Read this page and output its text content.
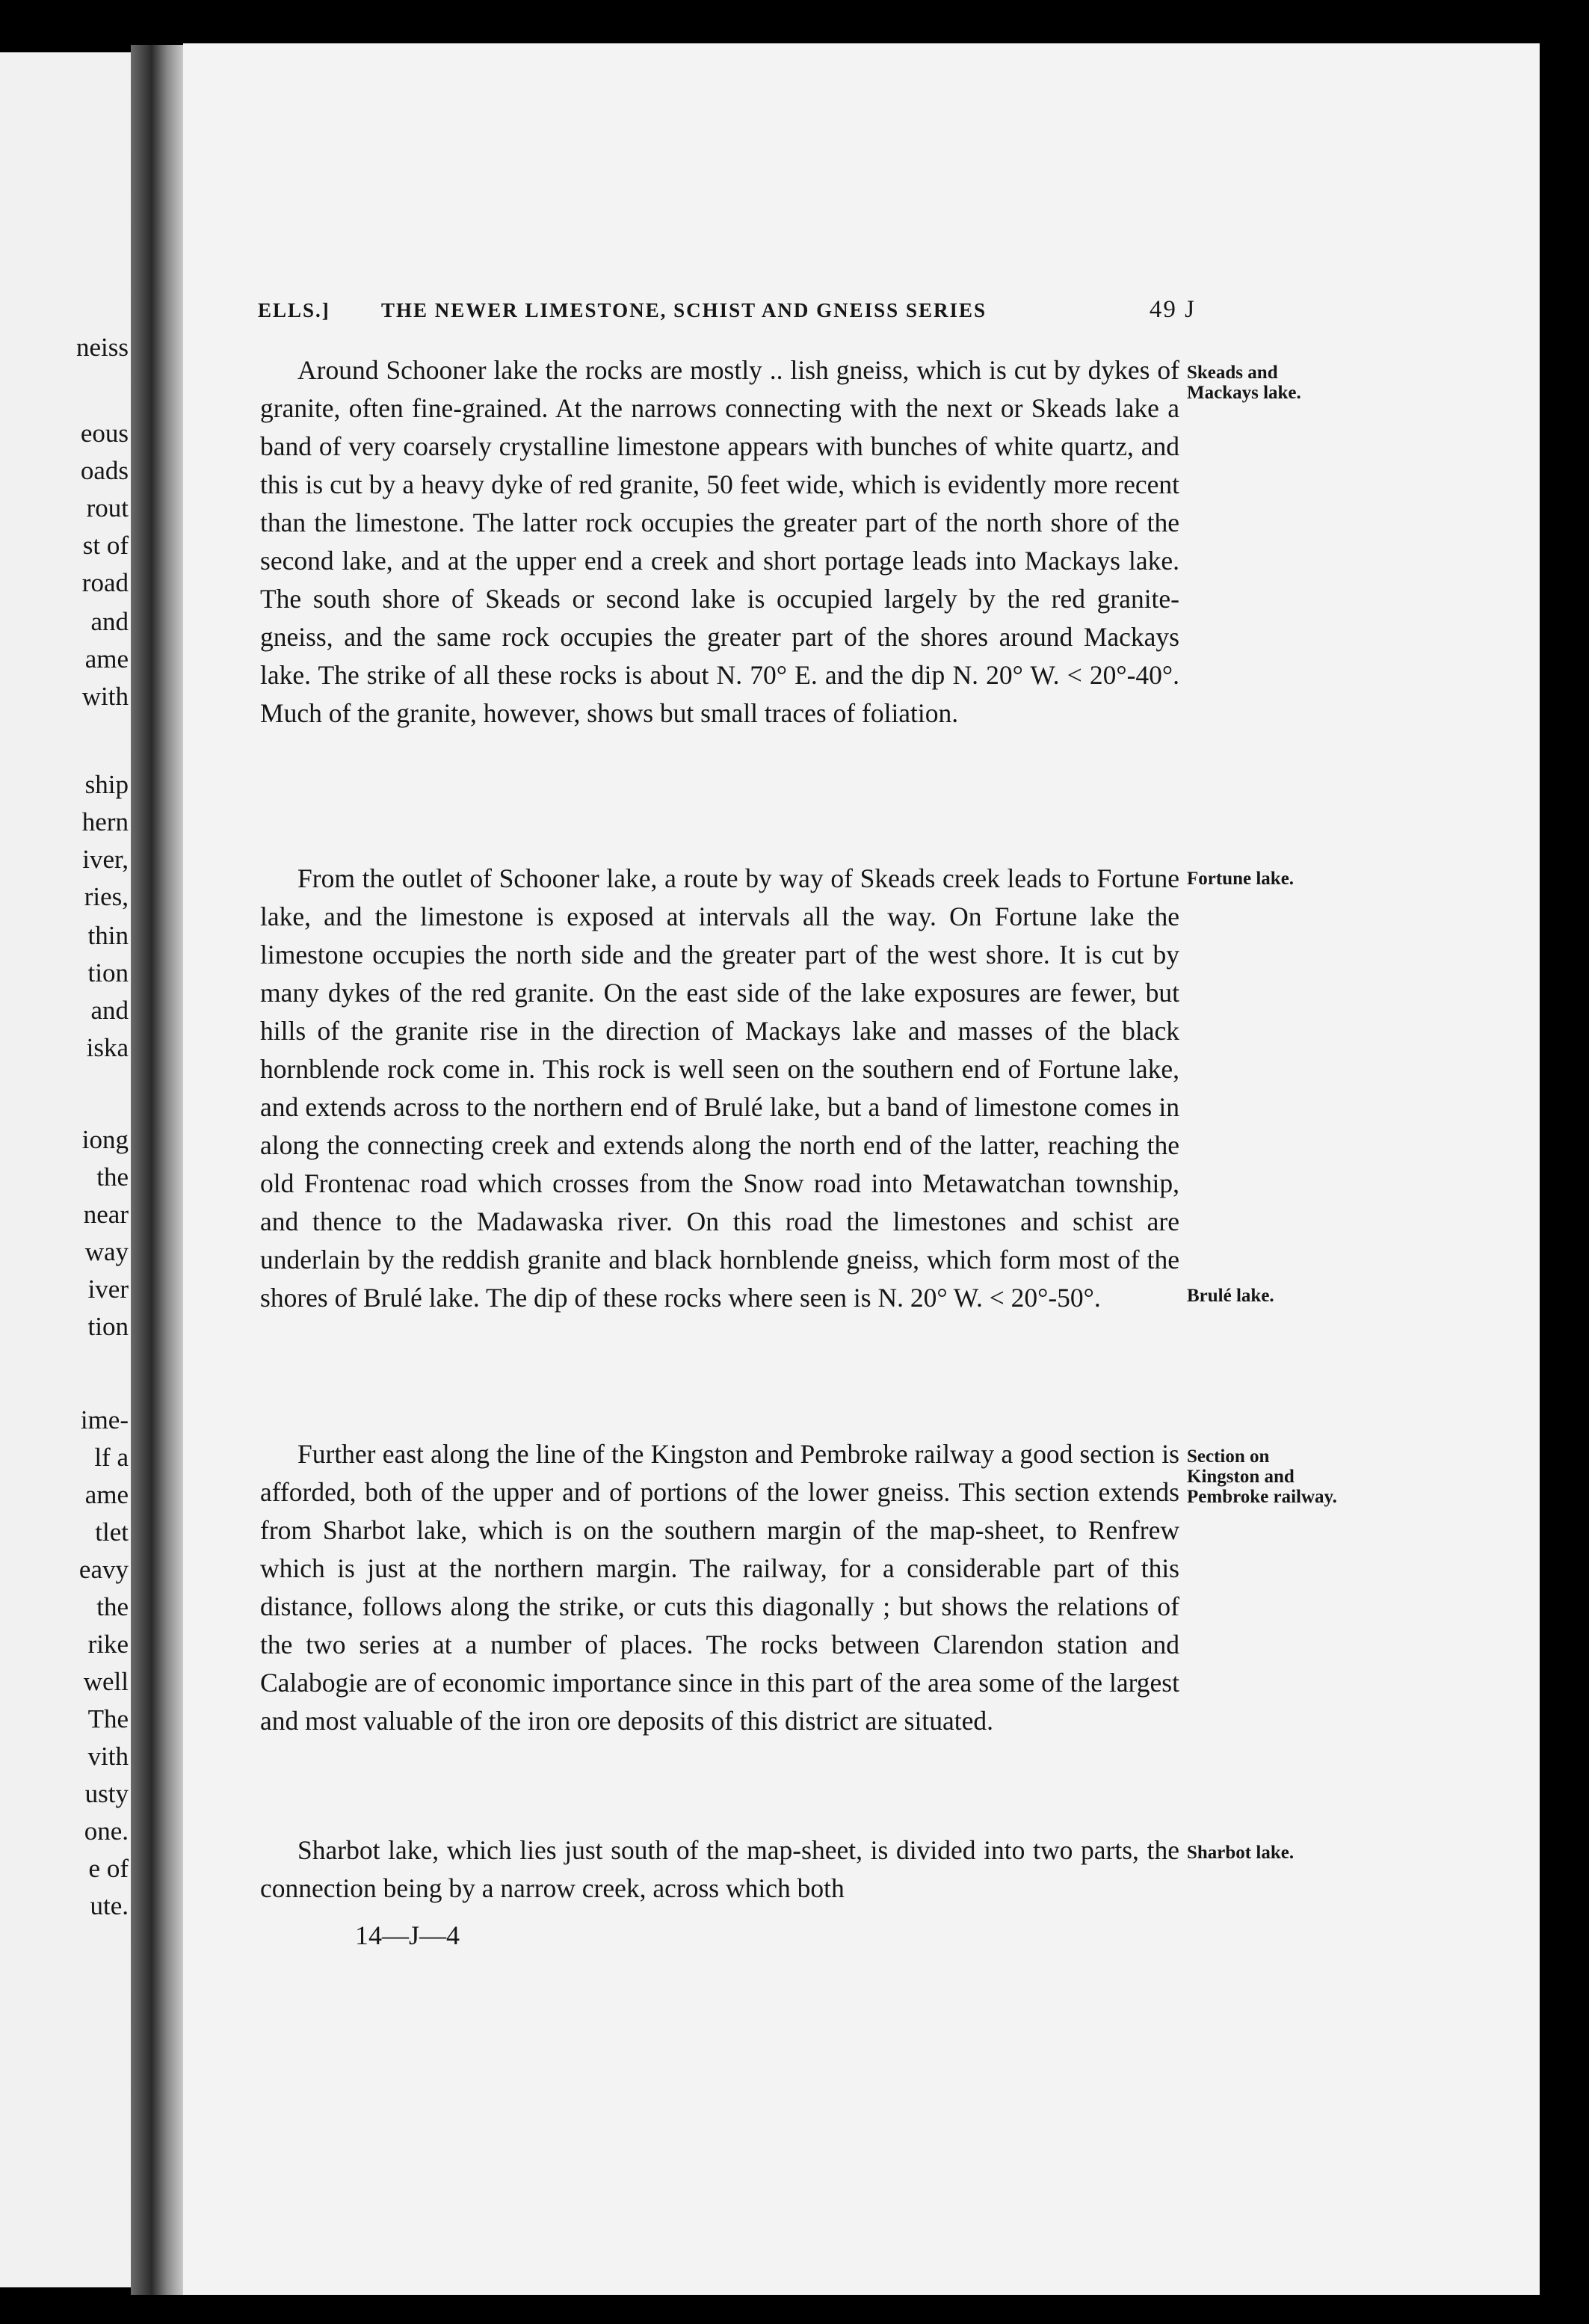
neiss
eous
oads
rout
st of
road
and
ame
with
ship
hern
iver,
ries,
thin
tion
and
iska
iong
the
near
way
iver
tion
ime-
lf a
ame
tlet
eavy
the
rike
well
The
vith
usty
one.
e of
ute.
ELLS.]	THE NEWER LIMESTONE, SCHIST AND GNEISS SERIES	49 J

Around Schooner lake the rocks are mostly .. lish gneiss, which is cut by dykes of granite, often fine-grained. At the narrows connecting with the next or Skeads lake a band of very coarsely crystalline limestone appears with bunches of white quartz, and this is cut by a heavy dyke of red granite, 50 feet wide, which is evidently more recent than the limestone. The latter rock occupies the greater part of the north shore of the second lake, and at the upper end a creek and short portage leads into Mackays lake. The south shore of Skeads or second lake is occupied largely by the red granite-gneiss, and the same rock occupies the greater part of the shores around Mackays lake. The strike of all these rocks is about N. 70° E. and the dip N. 20° W. < 20°-40°. Much of the granite, however, shows but small traces of foliation.

From the outlet of Schooner lake, a route by way of Skeads creek leads to Fortune lake, and the limestone is exposed at intervals all the way. On Fortune lake the limestone occupies the north side and the greater part of the west shore. It is cut by many dykes of the red granite. On the east side of the lake exposures are fewer, but hills of the granite rise in the direction of Mackays lake and masses of the black hornblende rock come in. This rock is well seen on the southern end of Fortune lake, and extends across to the northern end of Brulé lake, but a band of limestone comes in along the connecting creek and extends along the north end of the latter, reaching the old Frontenac road which crosses from the Snow road into Metawatchan township, and thence to the Madawaska river. On this road the limestones and schist are underlain by the reddish granite and black hornblende gneiss, which form most of the shores of Brulé lake. The dip of these rocks where seen is N. 20° W. < 20°-50°.

Further east along the line of the Kingston and Pembroke railway a good section is afforded, both of the upper and of portions of the lower gneiss. This section extends from Sharbot lake, which is on the southern margin of the map-sheet, to Renfrew which is just at the northern margin. The railway, for a considerable part of this distance, follows along the strike, or cuts this diagonally ; but shows the relations of the two series at a number of places. The rocks between Clarendon station and Calabogie are of economic importance since in this part of the area some of the largest and most valuable of the iron ore deposits of this district are situated.

Sharbot lake, which lies just south of the map-sheet, is divided into two parts, the connection being by a narrow creek, across which both

Skeads and Mackays lake.
Fortune lake.
Brulé lake.
Section on Kingston and Pembroke railway.
Sharbot lake.
14—J—4
